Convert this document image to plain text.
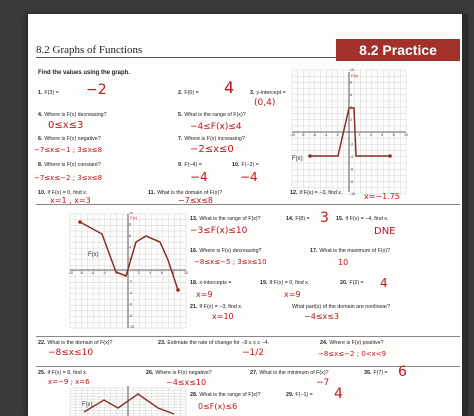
8.2 Graphs of Functions	8.2 Practice
Find the values using the graph.
-10 -8 -6 -4 -2	2	4	6	8	10
10
8
6
4
2
-2
-4
-6
-8
-10
F(x)
F(x)
-10 -8 -6 -4 -2	2	4	6	8	10
10
8
6
4
2
-2
-4
-6
-8
-10
F(x)
F(x)
F(x)
1. F(3) =	2. F(0) =	3. y-intercept =
4. Where is F(x) decreasing?	5. What is the range of F(x)?
6. Where is F(x) negative?	7. Where is F(x) increasing?
8. Where is F(x) constant?	9. F(−4) =	10. F(−2) =
10. If F(x) = 0, find x.	11. What is the domain of F(x)?	12. If F(x) = −3, find x.
13. What is the range of F(x)?	14. F(8) =	15. If F(x) = −4, find x.
16. Where is F(x) decreasing?	17. What is the maximum of F(x)?
18. x-intercepts =	19. If F(x) = 0, find x.	20. F(2) =
21. If F(x) = −3, find x.	What part(s) of the domain are nonlinear?
22. What is the domain of F(x)?	23. Estimate the rate of change for −8 ≤ x ≤ −4.	24. Where is F(x) positive?
25. If F(x) = 8, find x.	26. Where is F(x) negative?	27. What is the minimum of F(x)?	35. F(7) =
28. What is the range of F(x)?	29. F(−1) =
−2	4
(0,4)
0≤x≤3	−4≤F(x)≤4
−7≤x≤−1 ; 3≤x≤8	−2≤x≤0
−7≤x≤−2 ; 3≤x≤8	−4	−4
x=1 , x=3	−7≤x≤8	x≈−1.75
−3≤F(x)≤10
3
DNE
−8≤x≤−5 ; 3≤x≤10	10
x=9	x=9
4
x=10	−4≤x≤3
−8≤x≤10	−1/2	−8≤x≤−2 ; 0<x<9
x=−9 ; x=6	−4≤x≤10	−7
6
0≤F(x)≤6
4
